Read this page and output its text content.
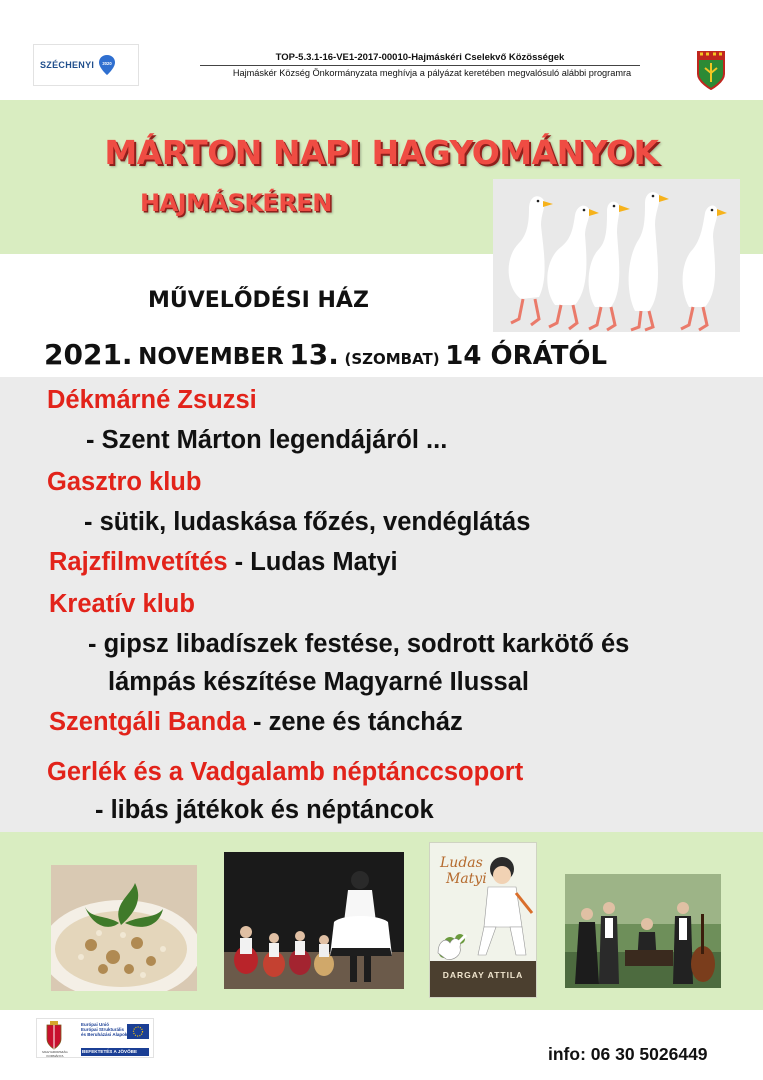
SZÉCHENYI 2020
TOP-5.3.1-16-VE1-2017-00010-Hajmáskéri Cselekvő Közösségek
Hajmáskér Község Önkormányzata meghívja a pályázat keretében megvalósuló alábbi programra
MÁRTON NAPI HAGYOMÁNYOK
HAJMÁSKÉREN
MŰVELŐDÉSI HÁZ
2021. NOVEMBER 13. (SZOMBAT) 14 ÓRÁTÓL
Dékmárné Zsuzsi
- Szent Márton legendájáról ...
Gasztro klub
- sütik, ludaskása főzés, vendéglátás
Rajzfilmvetítés - Ludas Matyi
Kreatív klub
- gipsz libadíszek festése, sodrott karkötő és
lámpás készítése Magyarné Ilussal
Szentgáli Banda - zene és táncház
Gerlék és a Vadgalamb néptánccsoport
- libás játékok és néptáncok
Ludas
Matyi
DARGAY ATTILA
Európai Unió
Európai Strukturális
és Beruházási Alapok
BEFEKTETÉS A JÖVŐBE
MAGYARORSZÁG KORMÁNYA	info: 06 30 5026449
